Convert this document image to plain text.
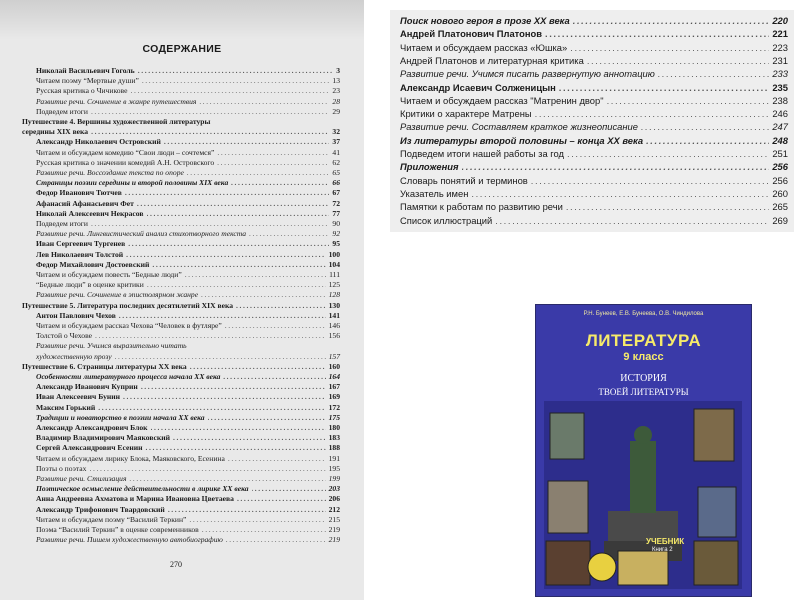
СОДЕРЖАНИЕ
Николай Васильевич Гоголь .....	3
Читаем поэму “Мертвые души” .....	13
Русская критика о Чичикове .....	23
Развитие речи. Сочинение в жанре путешествия .....	28
Подведем итоги .....	29
Путешествие 4. Вершины художественной литературы
середины XIX века .....	32
Александр Николаевич Островский .....	37
Читаем и обсуждаем комедию “Свои люди – сочтемся” .....	41
Русская критика о значении комедий А.Н. Островского .....	62
Развитие речи. Воссоздание текста по опоре .....	65
Страницы поэзии середины и второй половины XIX века .....	66
Федор Иванович Тютчев .....	67
Афанасий Афанасьевич Фет .....	72
Николай Алексеевич Некрасов .....	77
Подведем итоги .....	90
Развитие речи. Лингвистический анализ стихотворного текста .....	92
Иван Сергеевич Тургенев .....	95
Лев Николаевич Толстой .....	100
Федор Михайлович Достоевский .....	104
Читаем и обсуждаем повесть “Бедные люди” .....	111
“Бедные люди” в оценке критики .....	125
Развитие речи. Сочинение в эпистолярном жанре .....	128
Путешествие 5. Литература последних десятилетий XIX века .....	130
Антон Павлович Чехов .....	141
Читаем и обсуждаем рассказ Чехова “Человек в футляре” .....	146
Толстой о Чехове .....	156
Развитие речи. Учимся выразительно читать
художественную прозу .....	157
Путешествие 6. Страницы литературы XX века .....	160
Особенности литературного процесса начала XX века .....	164
Александр Иванович Куприн .....	167
Иван Алексеевич Бунин .....	169
Максим Горький .....	172
Традиции и новаторство в поэзии начала XX века .....	175
Александр Александрович Блок .....	180
Владимир Владимирович Маяковский .....	183
Сергей Александрович Есенин .....	188
Читаем и обсуждаем лирику Блока, Маяковского, Есенина .....	191
Поэты о поэтах .....	195
Развитие речи. Стилизация .....	199
Поэтическое осмысление действительности в лирике XX века .....	203
Анна Андреевна Ахматова и Марина Ивановна Цветаева .....	206
Александр Трифонович Твардовский .....	212
Читаем и обсуждаем поэму “Василий Теркин” .....	215
Поэма “Василий Теркин” в оценке современников .....	219
Развитие речи. Пишем художественную автобиографию .....	219
270
Поиск нового героя в прозе XX века .....	220
Андрей Платонович Платонов .....	221
Читаем и обсуждаем рассказ «Юшка» .....	223
Андрей Платонов и литературная критика .....	231
Развитие речи. Учимся писать развернутую аннотацию .....	233
Александр Исаевич Солженицын .....	235
Читаем и обсуждаем рассказ "Матренин двор" .....	238
Критики о характере Матрены .....	246
Развитие речи. Составляем краткое жизнеописание .....	247
Из литературы второй половины – конца XX века .....	248
Подведем итоги нашей работы за год .....	251
Приложения .....	256
Словарь понятий и терминов .....	256
Указатель имен .....	260
Памятки к работам по развитию речи .....	265
Список иллюстраций .....	269
Р.Н. Бунеев, Е.В. Бунеева, О.В. Чиндилова
ЛИТЕРАТУРА
9 класс
ИСТОРИЯ
ТВОЕЙ ЛИТЕРАТУРЫ
УЧЕБНИК
Книга 2
